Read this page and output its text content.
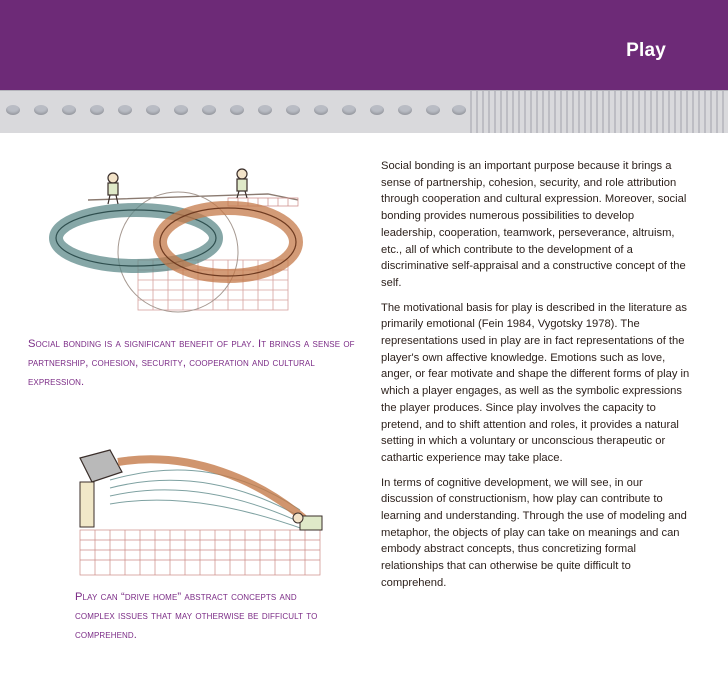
Play

Social bonding is a significant benefit of play. It brings a sense of partnership, cohesion, security, cooperation and cultural expression.

Play can “drive home” abstract concepts and complex issues that may otherwise be difficult to comprehend.

Social bonding is an important purpose because it brings a sense of partnership, cohesion, security, and role attribution through cooperation and cultural expression. Moreover, social bonding provides numerous possibilities to develop leadership, cooperation, teamwork, perseverance, altruism, etc., all of which contribute to the development of a discriminative self-appraisal and a constructive concept of the self.

The motivational basis for play is described in the literature as primarily emotional (Fein 1984, Vygotsky 1978). The representations used in play are in fact representations of the player's own affective knowledge. Emotions such as love, anger, or fear motivate and shape the different forms of play in which a player engages, as well as the symbolic expressions the player produces. Since play involves the capacity to pretend, and to shift attention and roles, it provides a natural setting in which a voluntary or unconscious therapeutic or cathartic experience may take place.

In terms of cognitive development, we will see, in our discussion of constructionism, how play can contribute to learning and understanding. Through the use of modeling and metaphor, the objects of play can take on meanings and can embody abstract concepts, thus concretizing formal relationships that can otherwise be quite difficult to comprehend.
